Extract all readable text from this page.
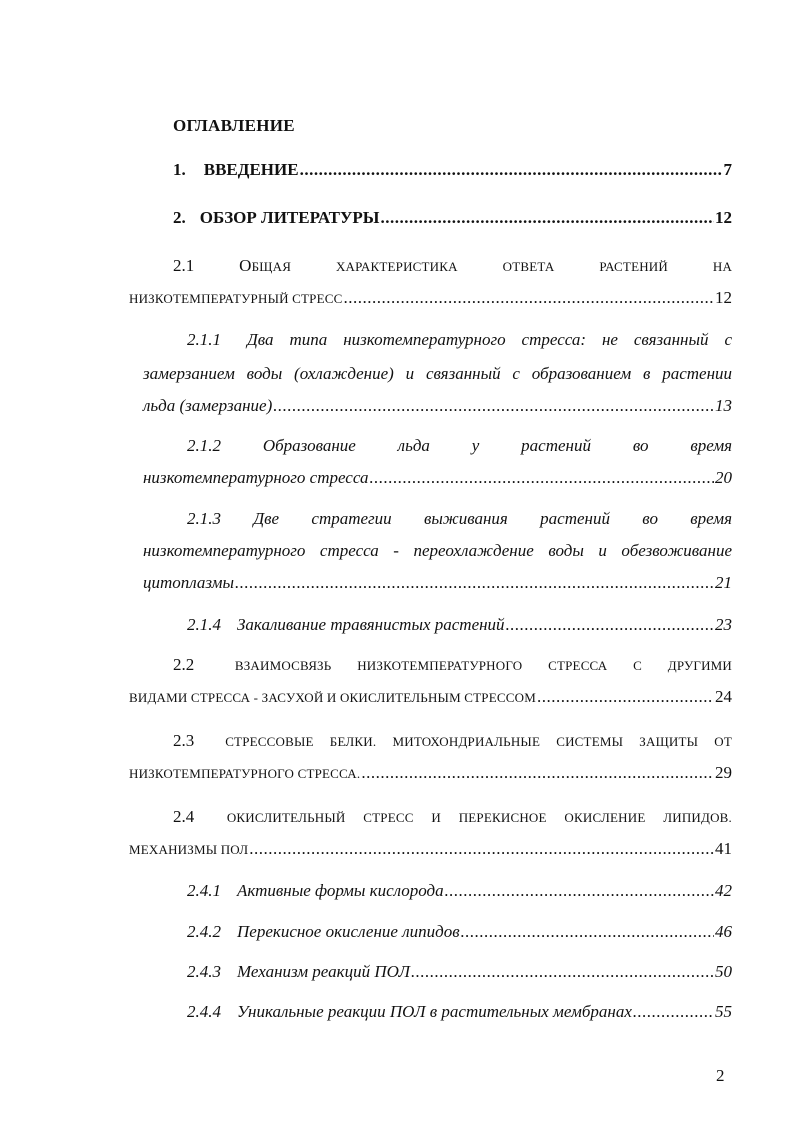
ОГЛАВЛЕНИЕ
1. ВВЕДЕНИЕ .....	7
2. ОБЗОР ЛИТЕРАТУРЫ .....	12
2.1	ОБЩАЯ	ХАРАКТЕРИСТИКА	ОТВЕТА	РАСТЕНИЙ	НА
НИЗКОТЕМПЕРАТУРНЫЙ СТРЕСС .....	12
2.1.1 Два типа низкотемпературного стресса: не связанный с
замерзанием воды (охлаждение) и связанный с образованием в растении
льда (замерзание) .....	13
2.1.2 Образование льда у растений во время
низкотемпературного стресса .....	20
2.1.3 Две стратегии выживания растений во время
низкотемпературного стресса - переохлаждение воды и обезвоживание
цитоплазмы .....	21
2.1.4 Закаливание травянистых растений .....	23
2.2	ВЗАИМОСВЯЗЬ НИЗКОТЕМПЕРАТУРНОГО СТРЕССА С ДРУГИМИ
ВИДАМИ СТРЕССА - ЗАСУХОЙ И ОКИСЛИТЕЛЬНЫМ СТРЕССОМ .....	24
2.3 СТРЕССОВЫЕ БЕЛКИ. МИТОХОНДРИАЛЬНЫЕ СИСТЕМЫ ЗАЩИТЫ ОТ
НИЗКОТЕМПЕРАТУРНОГО СТРЕССА. .....	29
2.4	ОКИСЛИТЕЛЬНЫЙ СТРЕСС И ПЕРЕКИСНОЕ ОКИСЛЕНИЕ ЛИПИДОВ.
МЕХАНИЗМЫ ПОЛ .....	41
2.4.1 Активные формы кислорода .....	42
2.4.2 Перекисное окисление липидов .....	46
2.4.3 Механизм реакций ПОЛ .....	50
2.4.4 Уникальные реакции ПОЛ в растительных мембранах .....	55
2
